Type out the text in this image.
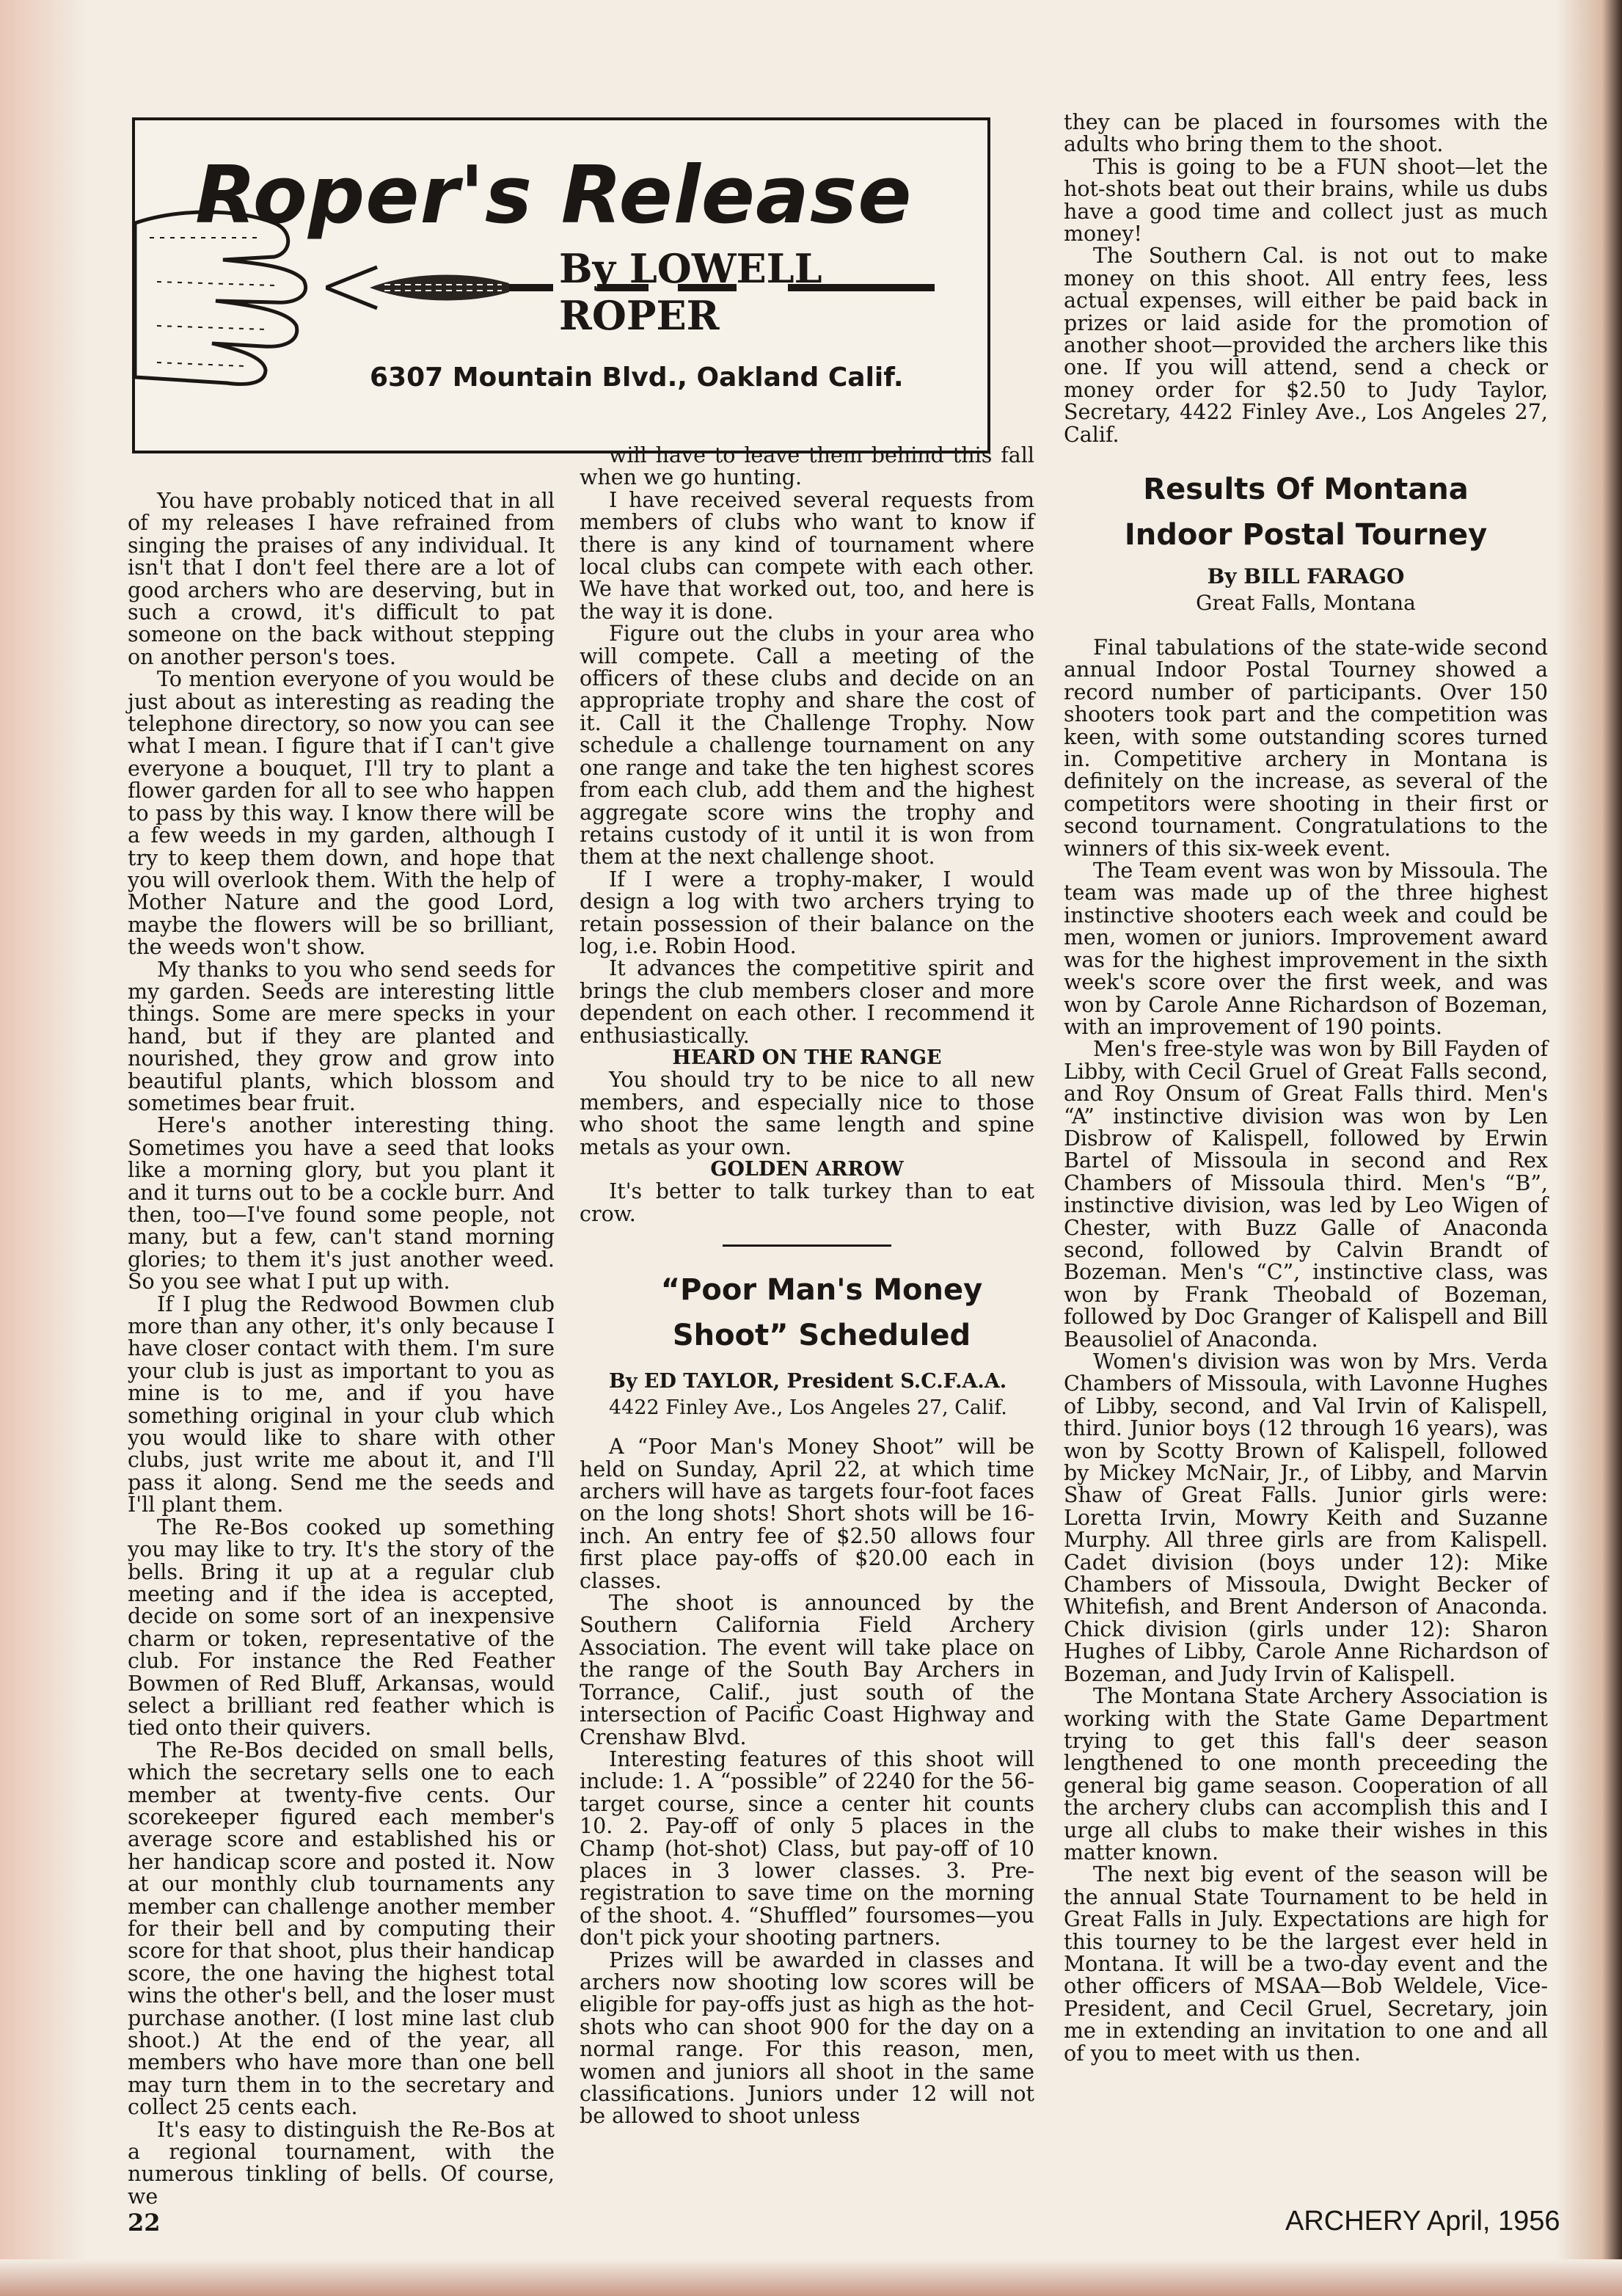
Roper's Release

By LOWELL ROPER

6307 Mountain Blvd., Oakland Calif.

You have probably noticed that in all of my releases I have refrained from singing the praises of any individual. It isn't that I don't feel there are a lot of good archers who are deserving, but in such a crowd, it's difficult to pat someone on the back without stepping on another person's toes.

To mention everyone of you would be just about as interesting as reading the telephone directory, so now you can see what I mean. I figure that if I can't give everyone a bouquet, I'll try to plant a flower garden for all to see who happen to pass by this way. I know there will be a few weeds in my garden, although I try to keep them down, and hope that you will overlook them. With the help of Mother Nature and the good Lord, maybe the flowers will be so brilliant, the weeds won't show.

My thanks to you who send seeds for my garden. Seeds are interesting little things. Some are mere specks in your hand, but if they are planted and nourished, they grow and grow into beautiful plants, which blossom and sometimes bear fruit.

Here's another interesting thing. Sometimes you have a seed that looks like a morning glory, but you plant it and it turns out to be a cockle burr. And then, too—I've found some people, not many, but a few, can't stand morning glories; to them it's just another weed. So you see what I put up with.

If I plug the Redwood Bowmen club more than any other, it's only because I have closer contact with them. I'm sure your club is just as important to you as mine is to me, and if you have something original in your club which you would like to share with other clubs, just write me about it, and I'll pass it along. Send me the seeds and I'll plant them.

The Re-Bos cooked up something you may like to try. It's the story of the bells. Bring it up at a regular club meeting and if the idea is accepted, decide on some sort of an inexpensive charm or token, representative of the club. For instance the Red Feather Bowmen of Red Bluff, Arkansas, would select a brilliant red feather which is tied onto their quivers.

The Re-Bos decided on small bells, which the secretary sells one to each member at twenty-five cents. Our scorekeeper figured each member's average score and established his or her handicap score and posted it. Now at our monthly club tournaments any member can challenge another member for their bell and by computing their score for that shoot, plus their handicap score, the one having the highest total wins the other's bell, and the loser must purchase another. (I lost mine last club shoot.) At the end of the year, all members who have more than one bell may turn them in to the secretary and collect 25 cents each.

It's easy to distinguish the Re-Bos at a regional tournament, with the numerous tinkling of bells. Of course, we

will have to leave them behind this fall when we go hunting.

I have received several requests from members of clubs who want to know if there is any kind of tournament where local clubs can compete with each other. We have that worked out, too, and here is the way it is done.

Figure out the clubs in your area who will compete. Call a meeting of the officers of these clubs and decide on an appropriate trophy and share the cost of it. Call it the Challenge Trophy. Now schedule a challenge tournament on any one range and take the ten highest scores from each club, add them and the highest aggregate score wins the trophy and retains custody of it until it is won from them at the next challenge shoot.

If I were a trophy-maker, I would design a log with two archers trying to retain possession of their balance on the log, i.e. Robin Hood.

It advances the competitive spirit and brings the club members closer and more dependent on each other. I recommend it enthusiastically.

HEARD ON THE RANGE

You should try to be nice to all new members, and especially nice to those who shoot the same length and spine metals as your own.

GOLDEN ARROW

It's better to talk turkey than to eat crow.

“Poor Man's Money

Shoot” Scheduled

By ED TAYLOR, President S.C.F.A.A.

4422 Finley Ave., Los Angeles 27, Calif.

A “Poor Man's Money Shoot” will be held on Sunday, April 22, at which time archers will have as targets four-foot faces on the long shots! Short shots will be 16-inch. An entry fee of $2.50 allows four first place pay-offs of $20.00 each in classes.

The shoot is announced by the Southern California Field Archery Association. The event will take place on the range of the South Bay Archers in Torrance, Calif., just south of the intersection of Pacific Coast Highway and Crenshaw Blvd.

Interesting features of this shoot will include: 1. A “possible” of 2240 for the 56-target course, since a center hit counts 10. 2. Pay-off of only 5 places in the Champ (hot-shot) Class, but pay-off of 10 places in 3 lower classes. 3. Pre-registration to save time on the morning of the shoot. 4. “Shuffled” foursomes—you don't pick your shooting partners.

Prizes will be awarded in classes and archers now shooting low scores will be eligible for pay-offs just as high as the hot-shots who can shoot 900 for the day on a normal range. For this reason, men, women and juniors all shoot in the same classifications. Juniors under 12 will not be allowed to shoot unless

they can be placed in foursomes with the adults who bring them to the shoot.

This is going to be a FUN shoot—let the hot-shots beat out their brains, while us dubs have a good time and collect just as much money!

The Southern Cal. is not out to make money on this shoot. All entry fees, less actual expenses, will either be paid back in prizes or laid aside for the promotion of another shoot—provided the archers like this one. If you will attend, send a check or money order for $2.50 to Judy Taylor, Secretary, 4422 Finley Ave., Los Angeles 27, Calif.

Results Of Montana

Indoor Postal Tourney

By BILL FARAGO

Great Falls, Montana

Final tabulations of the state-wide second annual Indoor Postal Tourney showed a record number of participants. Over 150 shooters took part and the competition was keen, with some outstanding scores turned in. Competitive archery in Montana is definitely on the increase, as several of the competitors were shooting in their first or second tournament. Congratulations to the winners of this six-week event.

The Team event was won by Missoula. The team was made up of the three highest instinctive shooters each week and could be men, women or juniors. Improvement award was for the highest improvement in the sixth week's score over the first week, and was won by Carole Anne Richardson of Bozeman, with an improvement of 190 points.

Men's free-style was won by Bill Fayden of Libby, with Cecil Gruel of Great Falls second, and Roy Onsum of Great Falls third. Men's “A” instinctive division was won by Len Disbrow of Kalispell, followed by Erwin Bartel of Missoula in second and Rex Chambers of Missoula third. Men's “B”, instinctive division, was led by Leo Wigen of Chester, with Buzz Galle of Anaconda second, followed by Calvin Brandt of Bozeman. Men's “C”, instinctive class, was won by Frank Theobald of Bozeman, followed by Doc Granger of Kalispell and Bill Beausoliel of Anaconda.

Women's division was won by Mrs. Verda Chambers of Missoula, with Lavonne Hughes of Libby, second, and Val Irvin of Kalispell, third. Junior boys (12 through 16 years), was won by Scotty Brown of Kalispell, followed by Mickey McNair, Jr., of Libby, and Marvin Shaw of Great Falls. Junior girls were: Loretta Irvin, Mowry Keith and Suzanne Murphy. All three girls are from Kalispell. Cadet division (boys under 12): Mike Chambers of Missoula, Dwight Becker of Whitefish, and Brent Anderson of Anaconda. Chick division (girls under 12): Sharon Hughes of Libby, Carole Anne Richardson of Bozeman, and Judy Irvin of Kalispell.

The Montana State Archery Association is working with the State Game Department trying to get this fall's deer season lengthened to one month preceeding the general big game season. Cooperation of all the archery clubs can accomplish this and I urge all clubs to make their wishes in this matter known.

The next big event of the season will be the annual State Tournament to be held in Great Falls in July. Expectations are high for this tourney to be the largest ever held in Montana. It will be a two-day event and the other officers of MSAA—Bob Weldele, Vice-President, and Cecil Gruel, Secretary, join me in extending an invitation to one and all of you to meet with us then.

22	ARCHERY April, 1956
